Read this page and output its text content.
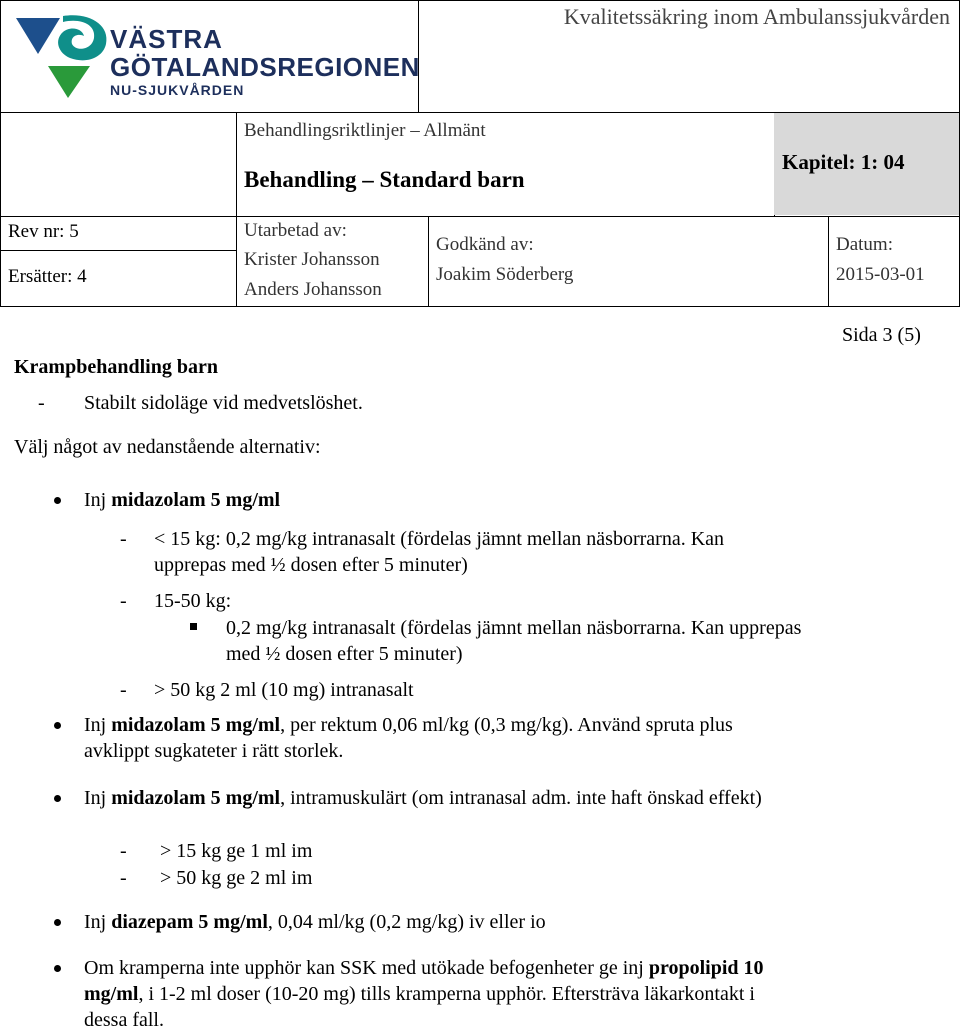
VÄSTRA
GÖTALANDSREGIONEN
NU-SJUKVÅRDEN
Kvalitetssäkring inom Ambulanssjukvården
Behandlingsriktlinjer – Allmänt
Behandling – Standard barn
Kapitel: 1: 04
Rev nr: 5
Ersätter: 4
Utarbetad av:
Krister Johansson
Anders Johansson
Godkänd av:
Joakim Söderberg
Datum:
2015-03-01
Sida 3 (5)
Krampbehandling barn
- Stabilt sidoläge vid medvetslöshet.
Välj något av nedanstående alternativ:
Inj midazolam 5 mg/ml
- < 15 kg: 0,2 mg/kg intranasalt (fördelas jämnt mellan näsborrarna. Kan
upprepas med ½ dosen efter 5 minuter)
- 15-50 kg:
0,2 mg/kg intranasalt (fördelas jämnt mellan näsborrarna. Kan upprepas
med ½ dosen efter 5 minuter)
- > 50 kg 2 ml (10 mg) intranasalt
Inj midazolam 5 mg/ml, per rektum 0,06 ml/kg (0,3 mg/kg). Använd spruta plus
avklippt sugkateter i rätt storlek.
Inj midazolam 5 mg/ml, intramuskulärt (om intranasal adm. inte haft önskad effekt)
- > 15 kg ge 1 ml im
- > 50 kg ge 2 ml im
Inj diazepam 5 mg/ml, 0,04 ml/kg (0,2 mg/kg) iv eller io
Om kramperna inte upphör kan SSK med utökade befogenheter ge inj propolipid 10
mg/ml, i 1-2 ml doser (10-20 mg) tills kramperna upphör. Eftersträva läkarkontakt i
dessa fall.
